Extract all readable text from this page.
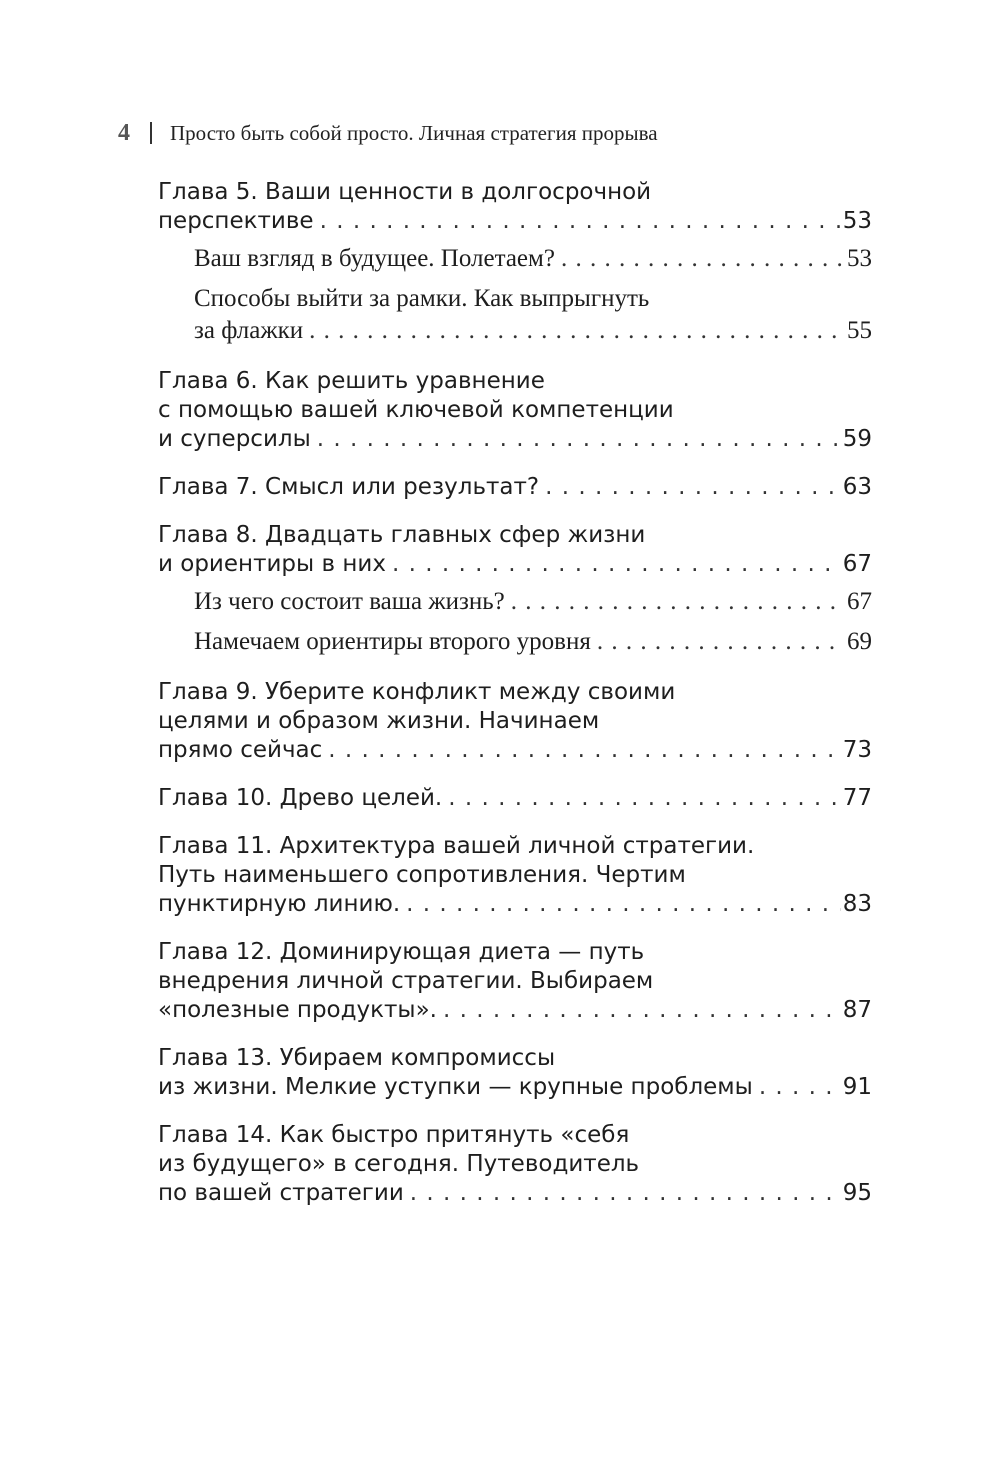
4 Просто быть собой просто. Личная стратегия прорыва
Глава 5. Ваши ценности в долгосрочной
перспективе . . .	53
Ваш взгляд в будущее. Полетаем? . . .	53
Способы выйти за рамки. Как выпрыгнуть
за флажки . . .	55
Глава 6. Как решить уравнение
с помощью вашей ключевой компетенции
и суперсилы . . .	59
Глава 7. Смысл или результат? . . .	63
Глава 8. Двадцать главных сфер жизни
и ориентиры в них . . .	67
Из чего состоит ваша жизнь? . . .	67
Намечаем ориентиры второго уровня . . .	69
Глава 9. Уберите конфликт между своими
целями и образом жизни. Начинаем
прямо сейчас . . .	73
Глава 10. Древо целей. . . .	77
Глава 11. Архитектура вашей личной стратегии.
Путь наименьшего сопротивления. Чертим
пунктирную линию. . . .	83
Глава 12. Доминирующая диета — путь
внедрения личной стратегии. Выбираем
«полезные продукты». . . .	87
Глава 13. Убираем компромиссы
из жизни. Мелкие уступки — крупные проблемы . . .	91
Глава 14. Как быстро притянуть «себя
из будущего» в сегодня. Путеводитель
по вашей стратегии . . .	95
